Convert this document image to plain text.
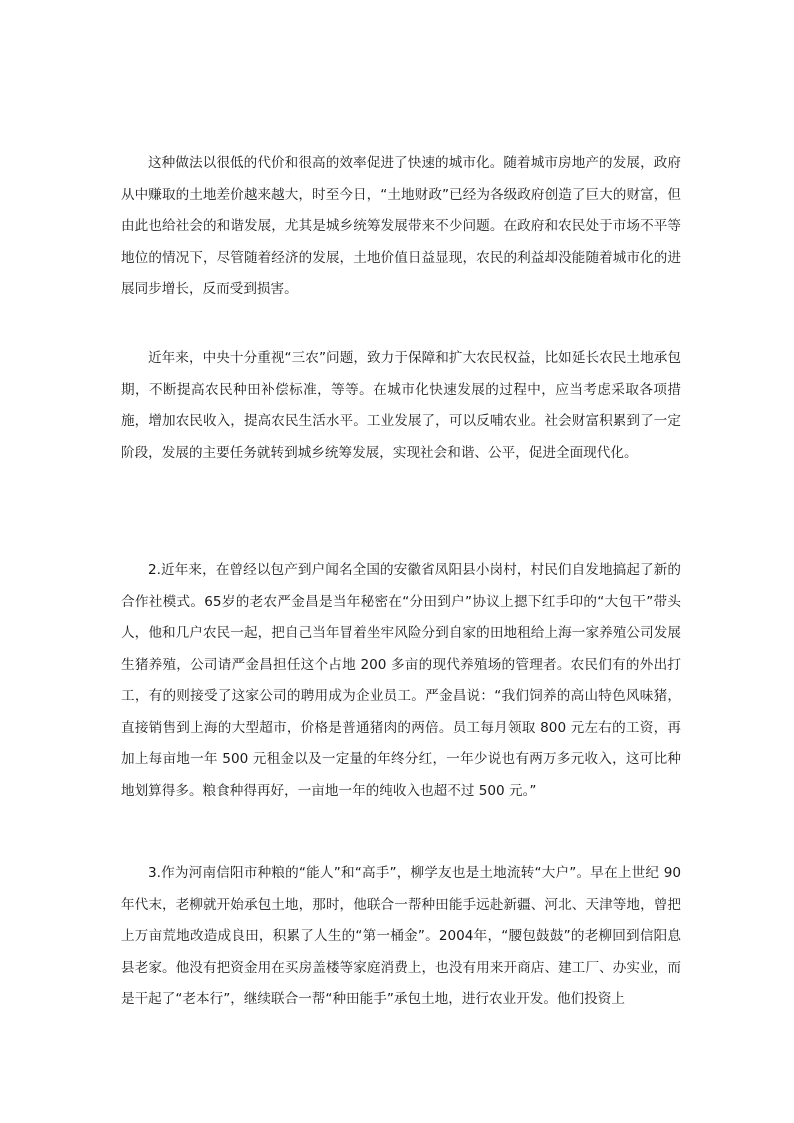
这种做法以很低的代价和很高的效率促进了快速的城市化。随着城市房地产的发展，政府从中赚取的土地差价越来越大，时至今日，“土地财政”已经为各级政府创造了巨大的财富，但由此也给社会的和谐发展，尤其是城乡统筹发展带来不少问题。在政府和农民处于市场不平等地位的情况下，尽管随着经济的发展，土地价值日益显现，农民的利益却没能随着城市化的进展同步增长，反而受到损害。

近年来，中央十分重视“三农”问题，致力于保障和扩大农民权益，比如延长农民土地承包期，不断提高农民种田补偿标准，等等。在城市化快速发展的过程中，应当考虑采取各项措施，增加农民收入，提高农民生活水平。工业发展了，可以反哺农业。社会财富积累到了一定阶段，发展的主要任务就转到城乡统筹发展，实现社会和谐、公平，促进全面现代化。

2.近年来，在曾经以包产到户闻名全国的安徽省凤阳县小岗村，村民们自发地搞起了新的合作社模式。65岁的老农严金昌是当年秘密在“分田到户”协议上摁下红手印的“大包干”带头人，他和几户农民一起，把自己当年冒着坐牢风险分到自家的田地租给上海一家养殖公司发展生猪养殖，公司请严金昌担任这个占地 200 多亩的现代养殖场的管理者。农民们有的外出打工，有的则接受了这家公司的聘用成为企业员工。严金昌说：“我们饲养的高山特色风味猪，直接销售到上海的大型超市，价格是普通猪肉的两倍。员工每月领取 800 元左右的工资，再加上每亩地一年 500 元租金以及一定量的年终分红，一年少说也有两万多元收入，这可比种地划算得多。粮食种得再好，一亩地一年的纯收入也超不过 500 元。”

3.作为河南信阳市种粮的“能人”和“高手”，柳学友也是土地流转“大户”。早在上世纪 90 年代末，老柳就开始承包土地，那时，他联合一帮种田能手远赴新疆、河北、天津等地，曾把上万亩荒地改造成良田，积累了人生的“第一桶金”。2004年，“腰包鼓鼓”的老柳回到信阳息县老家。他没有把资金用在买房盖楼等家庭消费上，也没有用来开商店、建工厂、办实业，而是干起了“老本行”，继续联合一帮“种田能手”承包土地，进行农业开发。他们投资上
